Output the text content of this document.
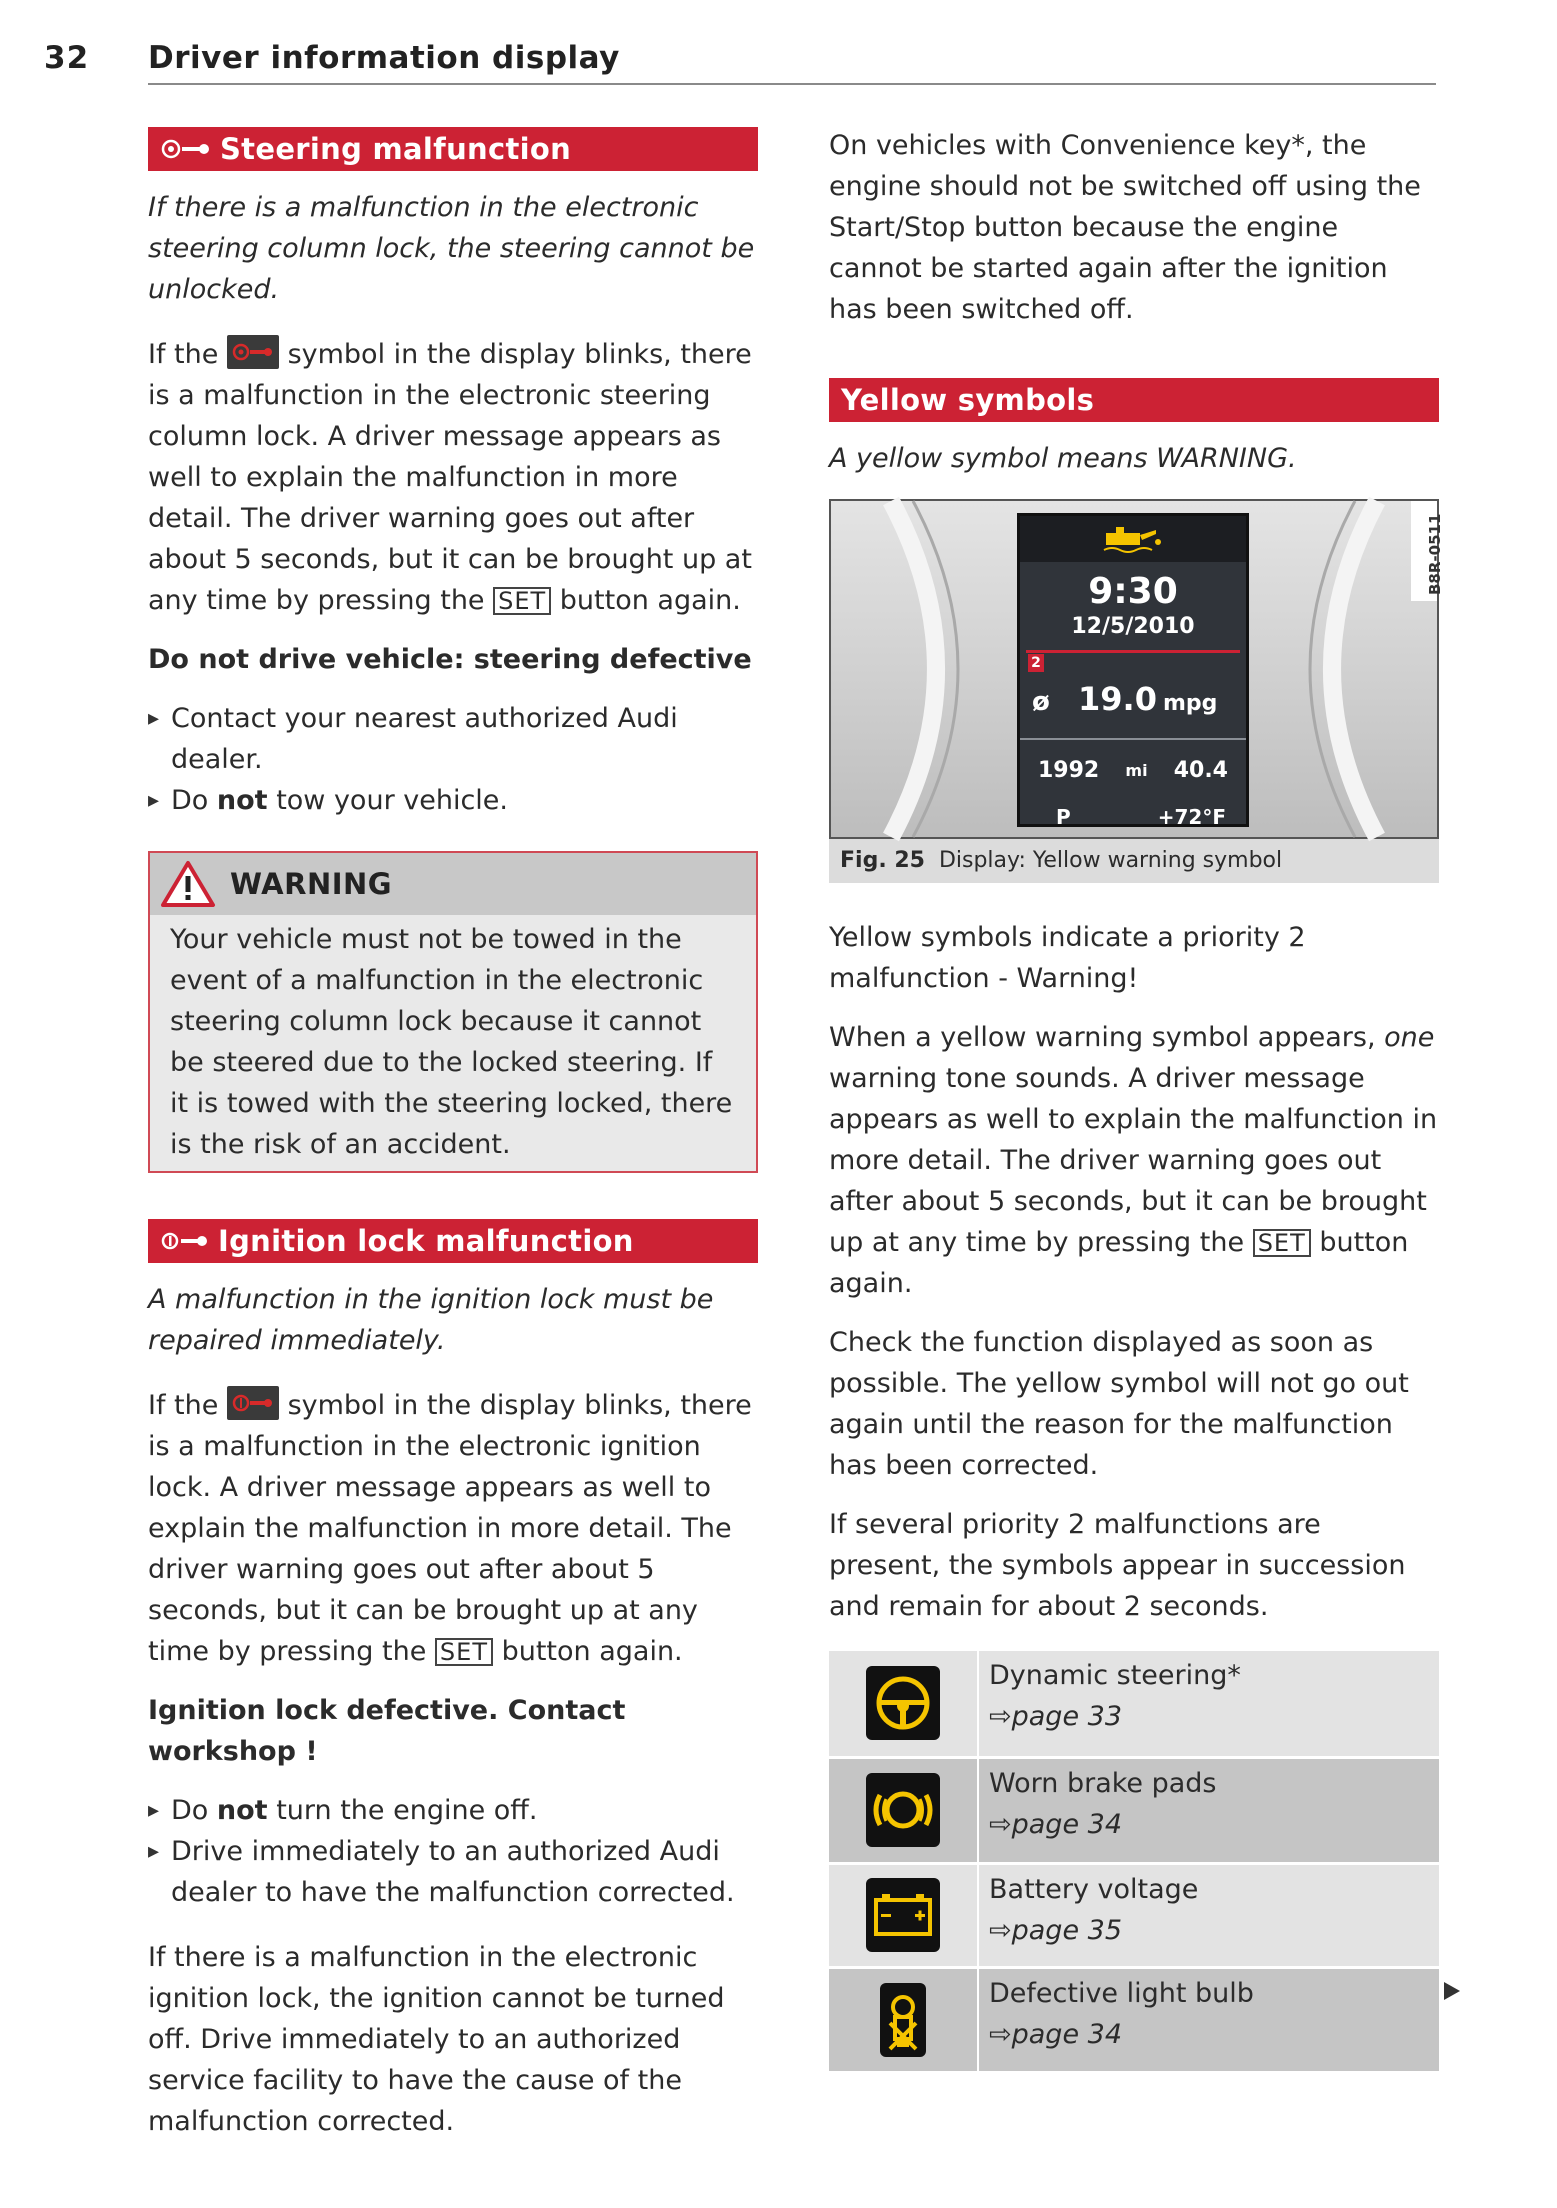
32 Driver information display
Steering malfunction

If there is a malfunction in the electronic steering column lock, the steering cannot be unlocked.

If the	symbol in the display blinks, there is a malfunction in the electronic steering column lock. A driver message appears as well to explain the malfunction in more detail. The driver warning goes out after about 5 seconds, but it can be brought up at any time by pressing the SET button again.

Do not drive vehicle: steering defective

▸ Contact your nearest authorized Audi dealer.
▸ Do not tow your vehicle.
WARNING
Your vehicle must not be towed in the event of a malfunction in the electronic steering column lock because it cannot be steered due to the locked steering. If it is towed with the steering locked, there is the risk of an accident.
Ignition lock malfunction

A malfunction in the ignition lock must be repaired immediately.

If the	symbol in the display blinks, there is a malfunction in the electronic ignition lock. A driver message appears as well to explain the malfunction in more detail. The driver warning goes out after about 5 seconds, but it can be brought up at any time by pressing the SET button again.

Ignition lock defective. Contact workshop !

▸ Do not turn the engine off.
▸ Drive immediately to an authorized Audi dealer to have the malfunction corrected.

If there is a malfunction in the electronic ignition lock, the ignition cannot be turned off. Drive immediately to an authorized service facility to have the cause of the malfunction corrected.

On vehicles with Convenience key*, the engine should not be switched off using the Start/Stop button because the engine cannot be started again after the ignition has been switched off.

Yellow symbols

A yellow symbol means WARNING.

9:30
12/5/2010
2
ø 19.0 mpg
1992 mi 40.4
P	+72°F
B8R-0511
Fig. 25 Display: Yellow warning symbol

Yellow symbols indicate a priority 2 malfunction - Warning!

When a yellow warning symbol appears, one warning tone sounds. A driver message appears as well to explain the malfunction in more detail. The driver warning goes out after about 5 seconds, but it can be brought up at any time by pressing the SET button again.

Check the function displayed as soon as possible. The yellow symbol will not go out again until the reason for the malfunction has been corrected.

If several priority 2 malfunctions are present, the symbols appear in succession and remain for about 2 seconds.

Dynamic steering*
⇨page 33

Worn brake pads
⇨page 34

Battery voltage
⇨page 35

Defective light bulb
⇨page 34
